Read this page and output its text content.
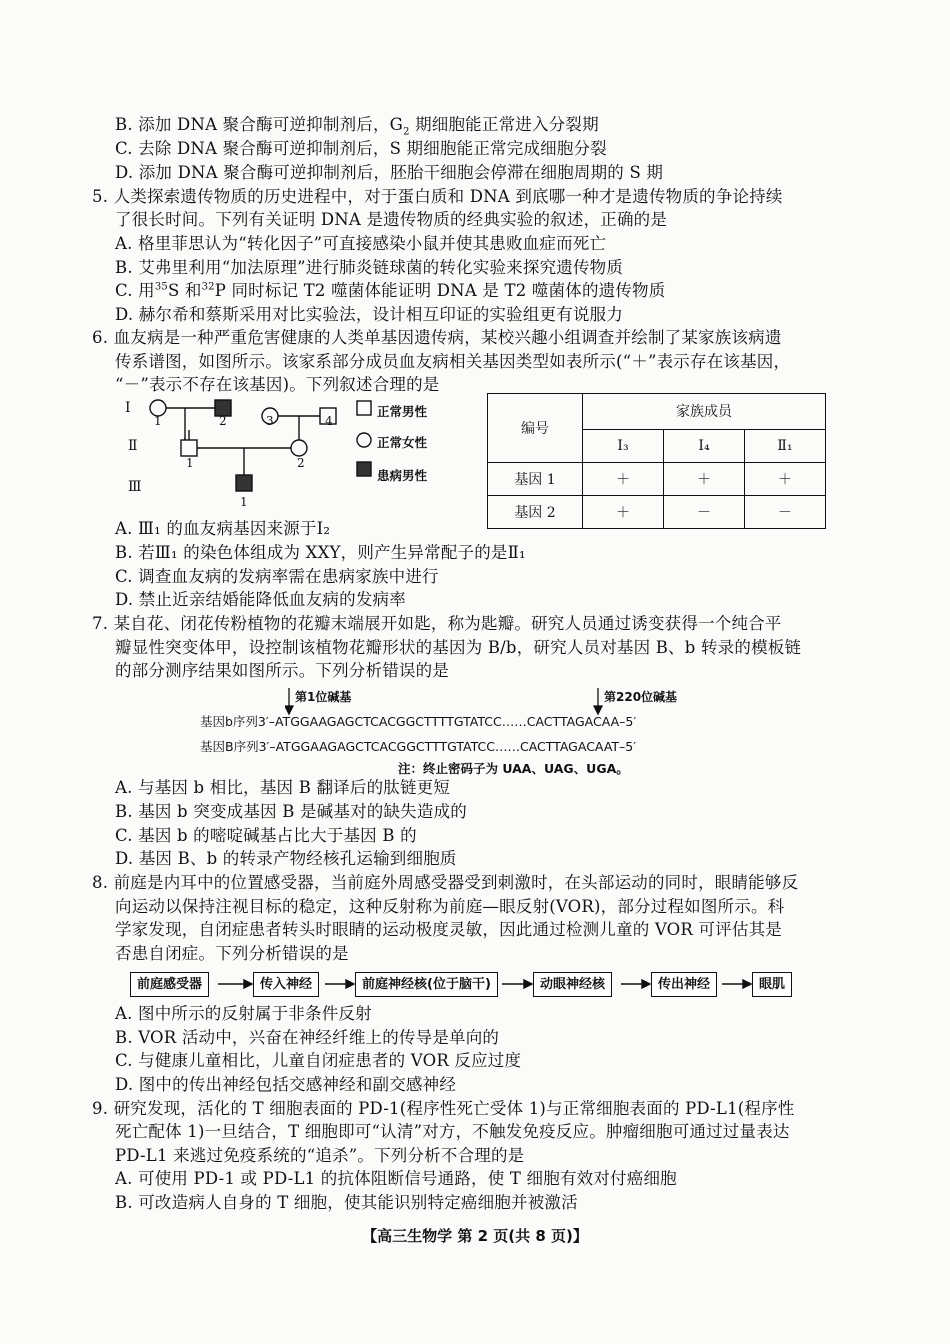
B. 添加 DNA 聚合酶可逆抑制剂后，$G_2$ 期细胞能正常进入分裂期
C. 去除 DNA 聚合酶可逆抑制剂后，S 期细胞能正常完成细胞分裂
D. 添加 DNA 聚合酶可逆抑制剂后，胚胎干细胞会停滞在细胞周期的 S 期
5. 人类探索遗传物质的历史进程中，对于蛋白质和 DNA 到底哪一种才是遗传物质的争论持续
了很长时间。下列有关证明 DNA 是遗传物质的经典实验的叙述，正确的是
A. 格里菲思认为“转化因子”可直接感染小鼠并使其患败血症而死亡
B. 艾弗里利用“加法原理”进行肺炎链球菌的转化实验来探究遗传物质
C. 用$^{35}$S 和$^{32}$P 同时标记 T2 噬菌体能证明 DNA 是 T2 噬菌体的遗传物质
D. 赫尔希和蔡斯采用对比实验法，设计相互印证的实验组更有说服力
6. 血友病是一种严重危害健康的人类单基因遗传病，某校兴趣小组调查并绘制了某家族该病遗
传系谱图，如图所示。该家系部分成员血友病相关基因类型如表所示(“＋”表示存在该基因，
“－”表示不存在该基因)。下列叙述合理的是
Ⅰ
Ⅱ
Ⅲ
1	2	3	4
1	2
1
正常男性
正常女性
患病男性
编号	家族成员		
	Ⅰ₃	Ⅰ₄	Ⅱ₁
基因 1	＋	＋	＋
基因 2	＋	－	－
A. Ⅲ₁ 的血友病基因来源于Ⅰ₂
B. 若Ⅲ₁ 的染色体组成为 XXY，则产生异常配子的是Ⅱ₁
C. 调查血友病的发病率需在患病家族中进行
D. 禁止近亲结婚能降低血友病的发病率
7. 某自花、闭花传粉植物的花瓣末端展开如匙，称为匙瓣。研究人员通过诱变获得一个纯合平
瓣显性突变体甲，设控制该植物花瓣形状的基因为 B/b，研究人员对基因 B、b 转录的模板链
的部分测序结果如图所示。下列分析错误的是
第1位碱基	第220位碱基
基因b序列3′–ATGGAAGAGCTCACGGCTTTTGTATCC……CACTTAGACAA–5′
基因B序列3′–ATGGAAGAGCTCACGGCTTTGTATCC……CACTTAGACAAT–5′
注：终止密码子为 UAA、UAG、UGA。
A. 与基因 b 相比，基因 B 翻译后的肽链更短
B. 基因 b 突变成基因 B 是碱基对的缺失造成的
C. 基因 b 的嘧啶碱基占比大于基因 B 的
D. 基因 B、b 的转录产物经核孔运输到细胞质
8. 前庭是内耳中的位置感受器，当前庭外周感受器受到刺激时，在头部运动的同时，眼睛能够反
向运动以保持注视目标的稳定，这种反射称为前庭—眼反射(VOR)，部分过程如图所示。科
学家发现，自闭症患者转头时眼睛的运动极度灵敏，因此通过检测儿童的 VOR 可评估其是
否患自闭症。下列分析错误的是
前庭感受器	传入神经	前庭神经核(位于脑干)	动眼神经核	传出神经	眼肌
A. 图中所示的反射属于非条件反射
B. VOR 活动中，兴奋在神经纤维上的传导是单向的
C. 与健康儿童相比，儿童自闭症患者的 VOR 反应过度
D. 图中的传出神经包括交感神经和副交感神经
9. 研究发现，活化的 T 细胞表面的 PD-1(程序性死亡受体 1)与正常细胞表面的 PD-L1(程序性
死亡配体 1)一旦结合，T 细胞即可“认清”对方，不触发免疫反应。肿瘤细胞可通过过量表达
PD-L1 来逃过免疫系统的“追杀”。下列分析不合理的是
A. 可使用 PD-1 或 PD-L1 的抗体阻断信号通路，使 T 细胞有效对付癌细胞
B. 可改造病人自身的 T 细胞，使其能识别特定癌细胞并被激活
【高三生物学 第 2 页(共 8 页)】
